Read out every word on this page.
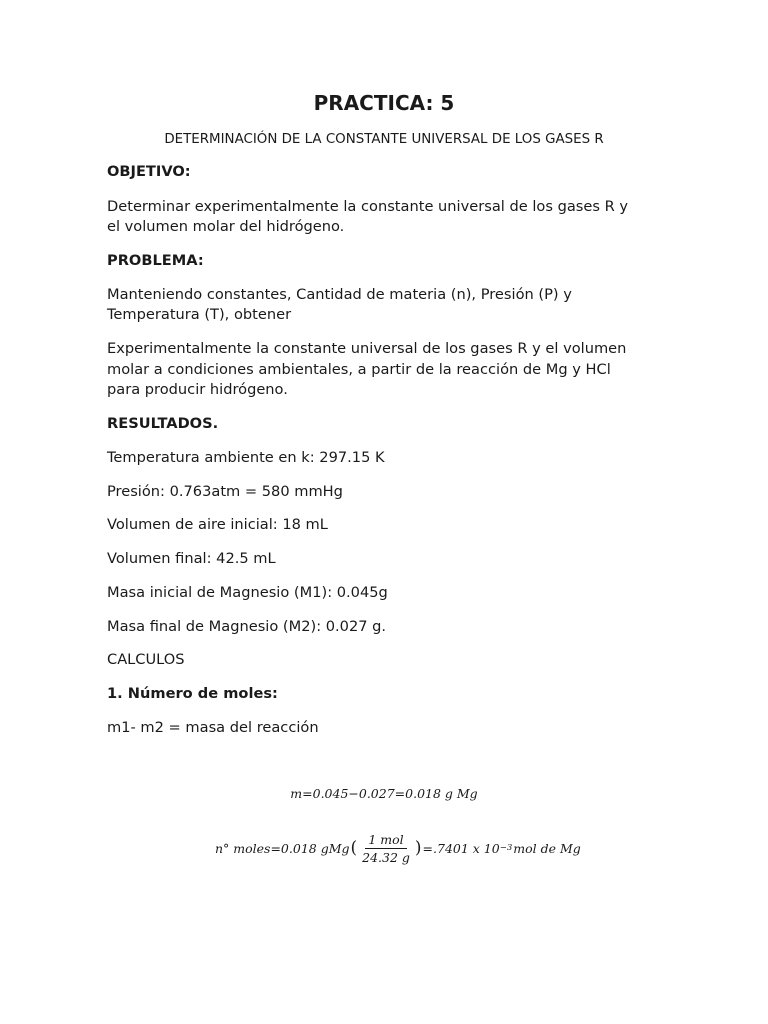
PRACTICA: 5
DETERMINACIÓN DE LA CONSTANTE UNIVERSAL DE LOS GASES R
OBJETIVO:
Determinar experimentalmente la constante universal de los gases R y
el volumen molar del hidrógeno.
PROBLEMA:
Manteniendo constantes, Cantidad de materia (n), Presión (P) y
Temperatura (T), obtener
Experimentalmente la constante universal de los gases R y el volumen
molar a condiciones ambientales, a partir de la reacción de Mg y HCl
para producir hidrógeno.
RESULTADOS.
Temperatura ambiente en k: 297.15 K
Presión: 0.763atm = 580 mmHg
Volumen de aire inicial: 18 mL
Volumen final: 42.5 mL
Masa inicial de Magnesio (M1): 0.045g
Masa final de Magnesio (M2): 0.027 g.
CALCULOS
1. Número de moles:
m1- m2 = masa del reacción
m=0.045−0.027=0.018 g Mg
n° moles=0.018 gMg ( $\frac{\text{1 mol}}{24.32 g}$ ) =.7401 x 10 −3 mol de Mg
